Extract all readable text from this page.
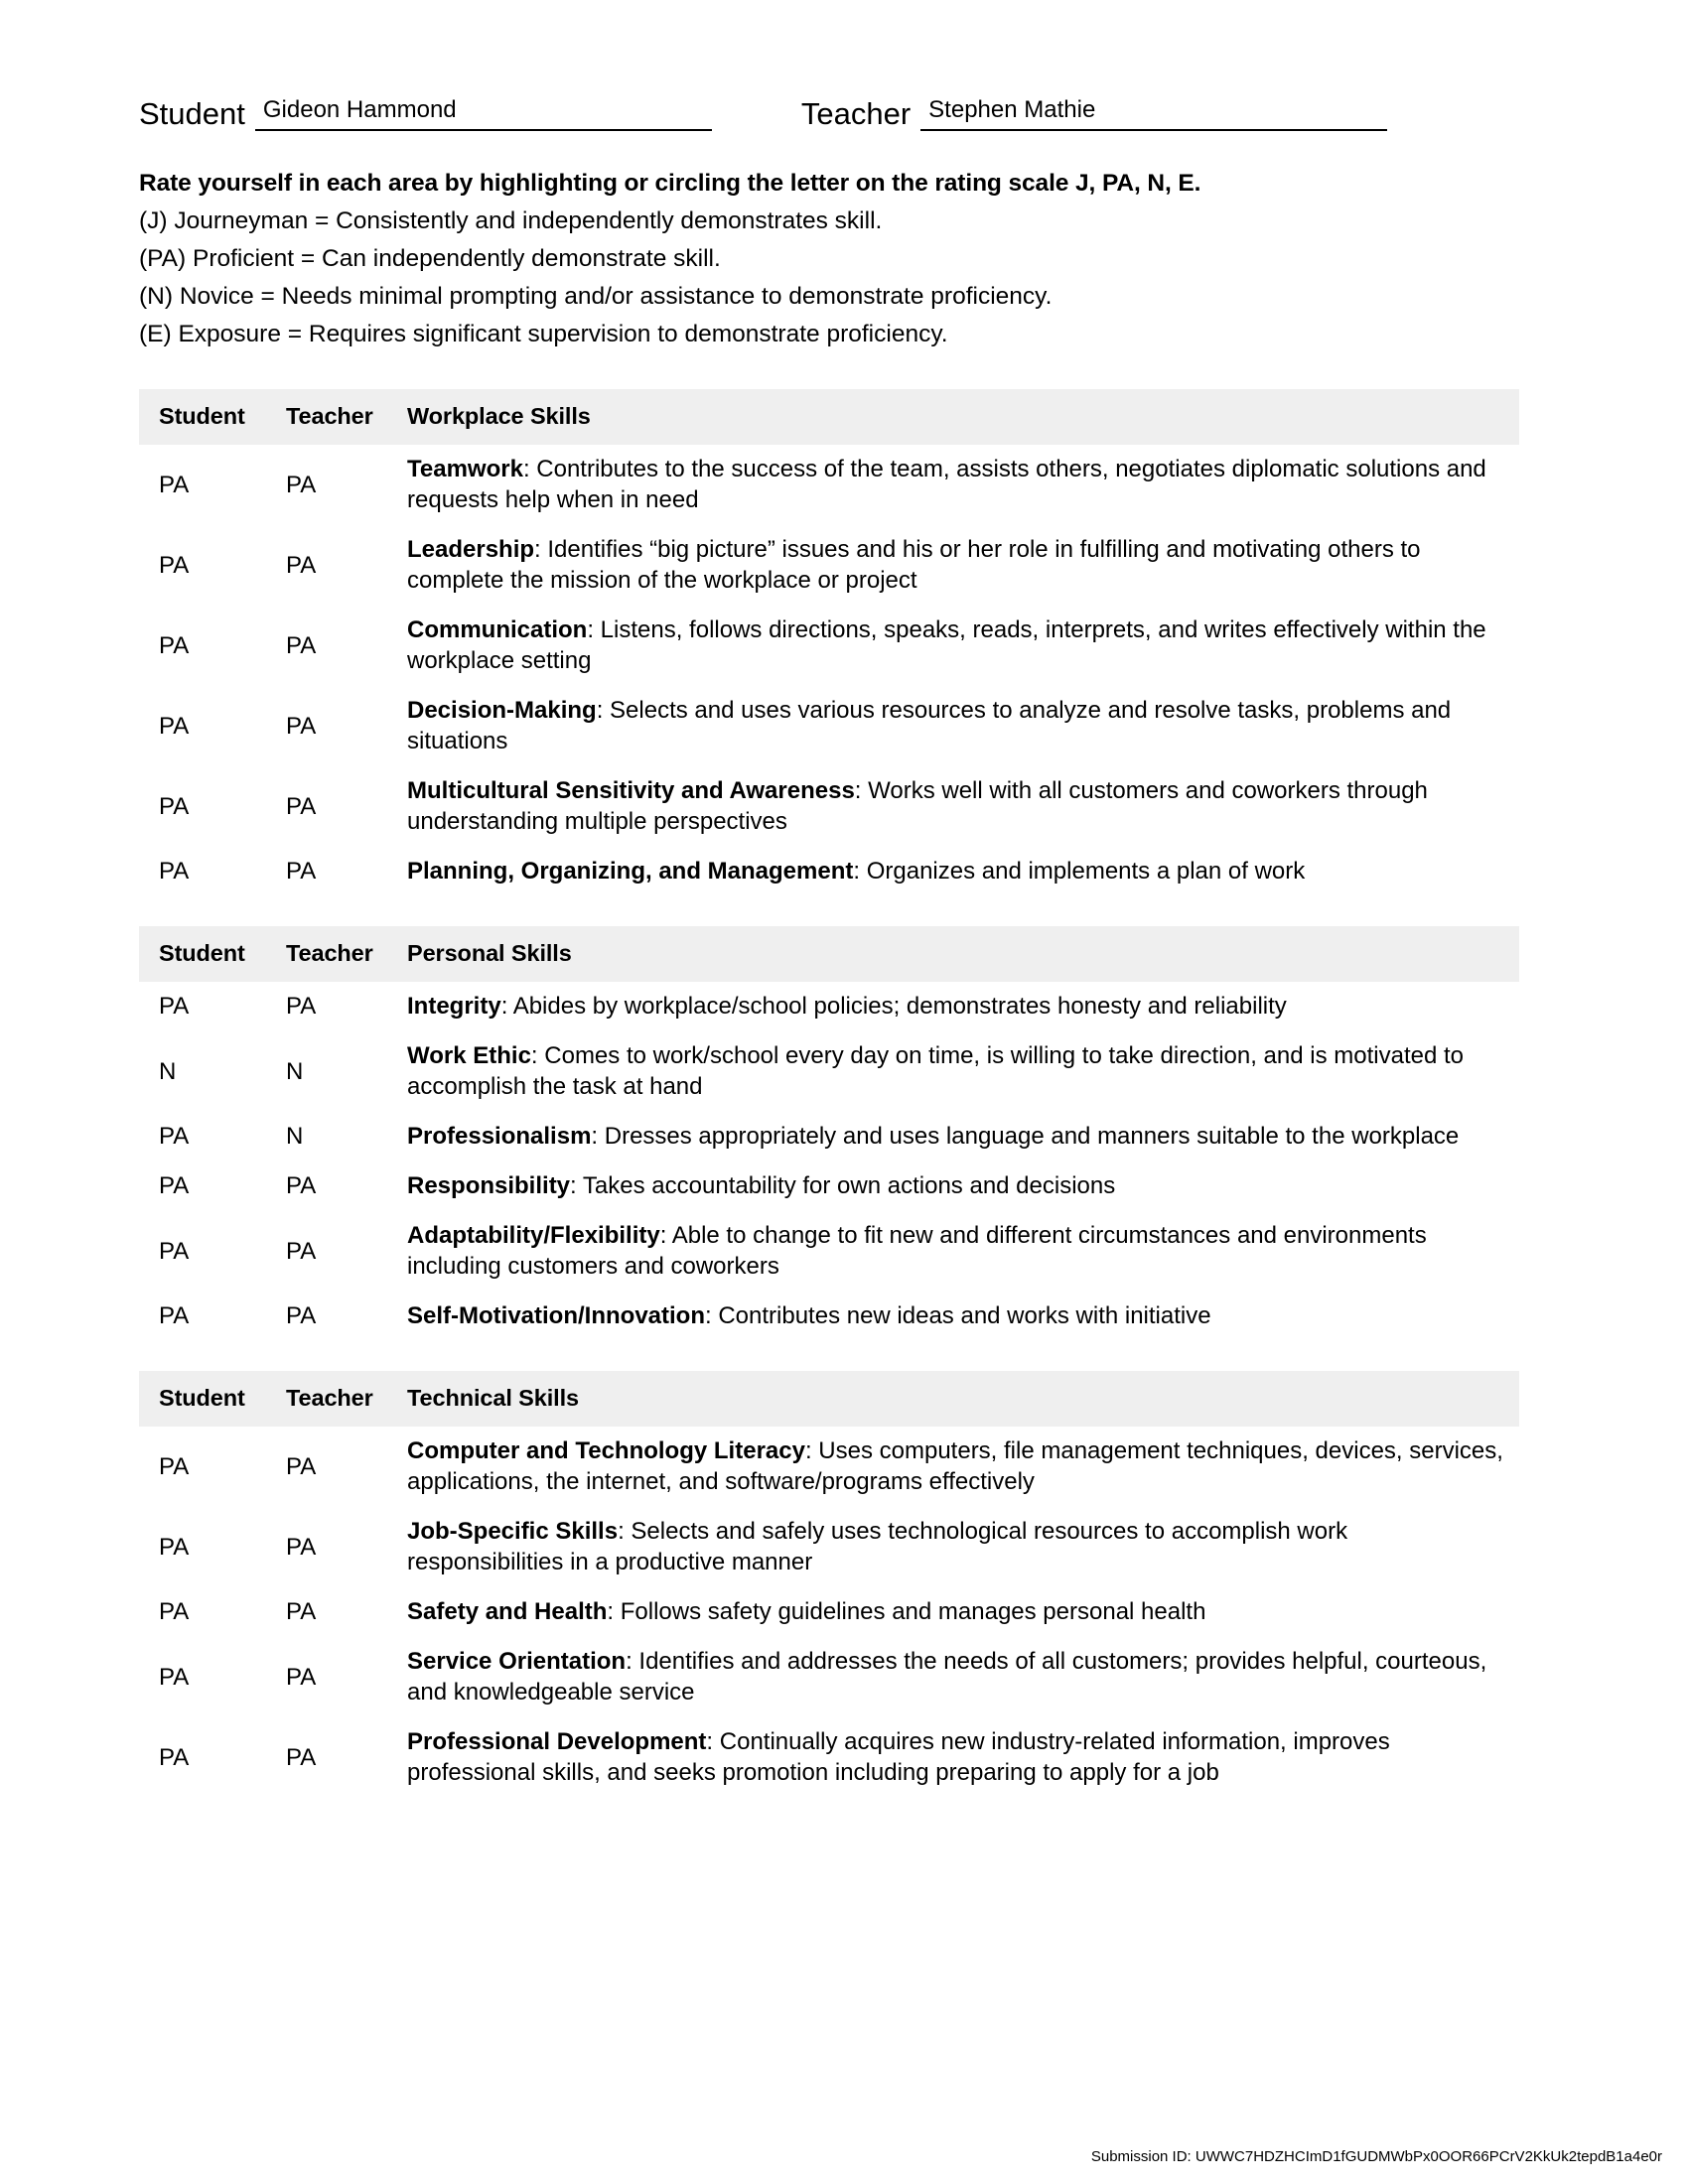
Student Gideon Hammond	Teacher Stephen Mathie
Rate yourself in each area by highlighting or circling the letter on the rating scale J, PA, N, E.
(J) Journeyman = Consistently and independently demonstrates skill.
(PA) Proficient = Can independently demonstrate skill.
(N) Novice = Needs minimal prompting and/or assistance to demonstrate proficiency.
(E) Exposure = Requires significant supervision to demonstrate proficiency.
Student	Teacher	Workplace Skills
PA	PA	Teamwork: Contributes to the success of the team, assists others, negotiates diplomatic solutions and requests help when in need
PA	PA	Leadership: Identifies “big picture” issues and his or her role in fulfilling and motivating others to complete the mission of the workplace or project
PA	PA	Communication: Listens, follows directions, speaks, reads, interprets, and writes effectively within the workplace setting
PA	PA	Decision-Making: Selects and uses various resources to analyze and resolve tasks, problems and situations
PA	PA	Multicultural Sensitivity and Awareness: Works well with all customers and coworkers through understanding multiple perspectives
PA	PA	Planning, Organizing, and Management: Organizes and implements a plan of work
Student	Teacher	Personal Skills
PA	PA	Integrity: Abides by workplace/school policies; demonstrates honesty and reliability
N	N	Work Ethic: Comes to work/school every day on time, is willing to take direction, and is motivated to accomplish the task at hand
PA	N	Professionalism: Dresses appropriately and uses language and manners suitable to the workplace
PA	PA	Responsibility: Takes accountability for own actions and decisions
PA	PA	Adaptability/Flexibility: Able to change to fit new and different circumstances and environments including customers and coworkers
PA	PA	Self-Motivation/Innovation: Contributes new ideas and works with initiative
Student	Teacher	Technical Skills
PA	PA	Computer and Technology Literacy: Uses computers, file management techniques, devices, services, applications, the internet, and software/programs effectively
PA	PA	Job-Specific Skills: Selects and safely uses technological resources to accomplish work responsibilities in a productive manner
PA	PA	Safety and Health: Follows safety guidelines and manages personal health
PA	PA	Service Orientation: Identifies and addresses the needs of all customers; provides helpful, courteous, and knowledgeable service
PA	PA	Professional Development: Continually acquires new industry-related information, improves professional skills, and seeks promotion including preparing to apply for a job
Submission ID: UWWC7HDZHCImD1fGUDMWbPx0OOR66PCrV2KkUk2tepdB1a4e0r
